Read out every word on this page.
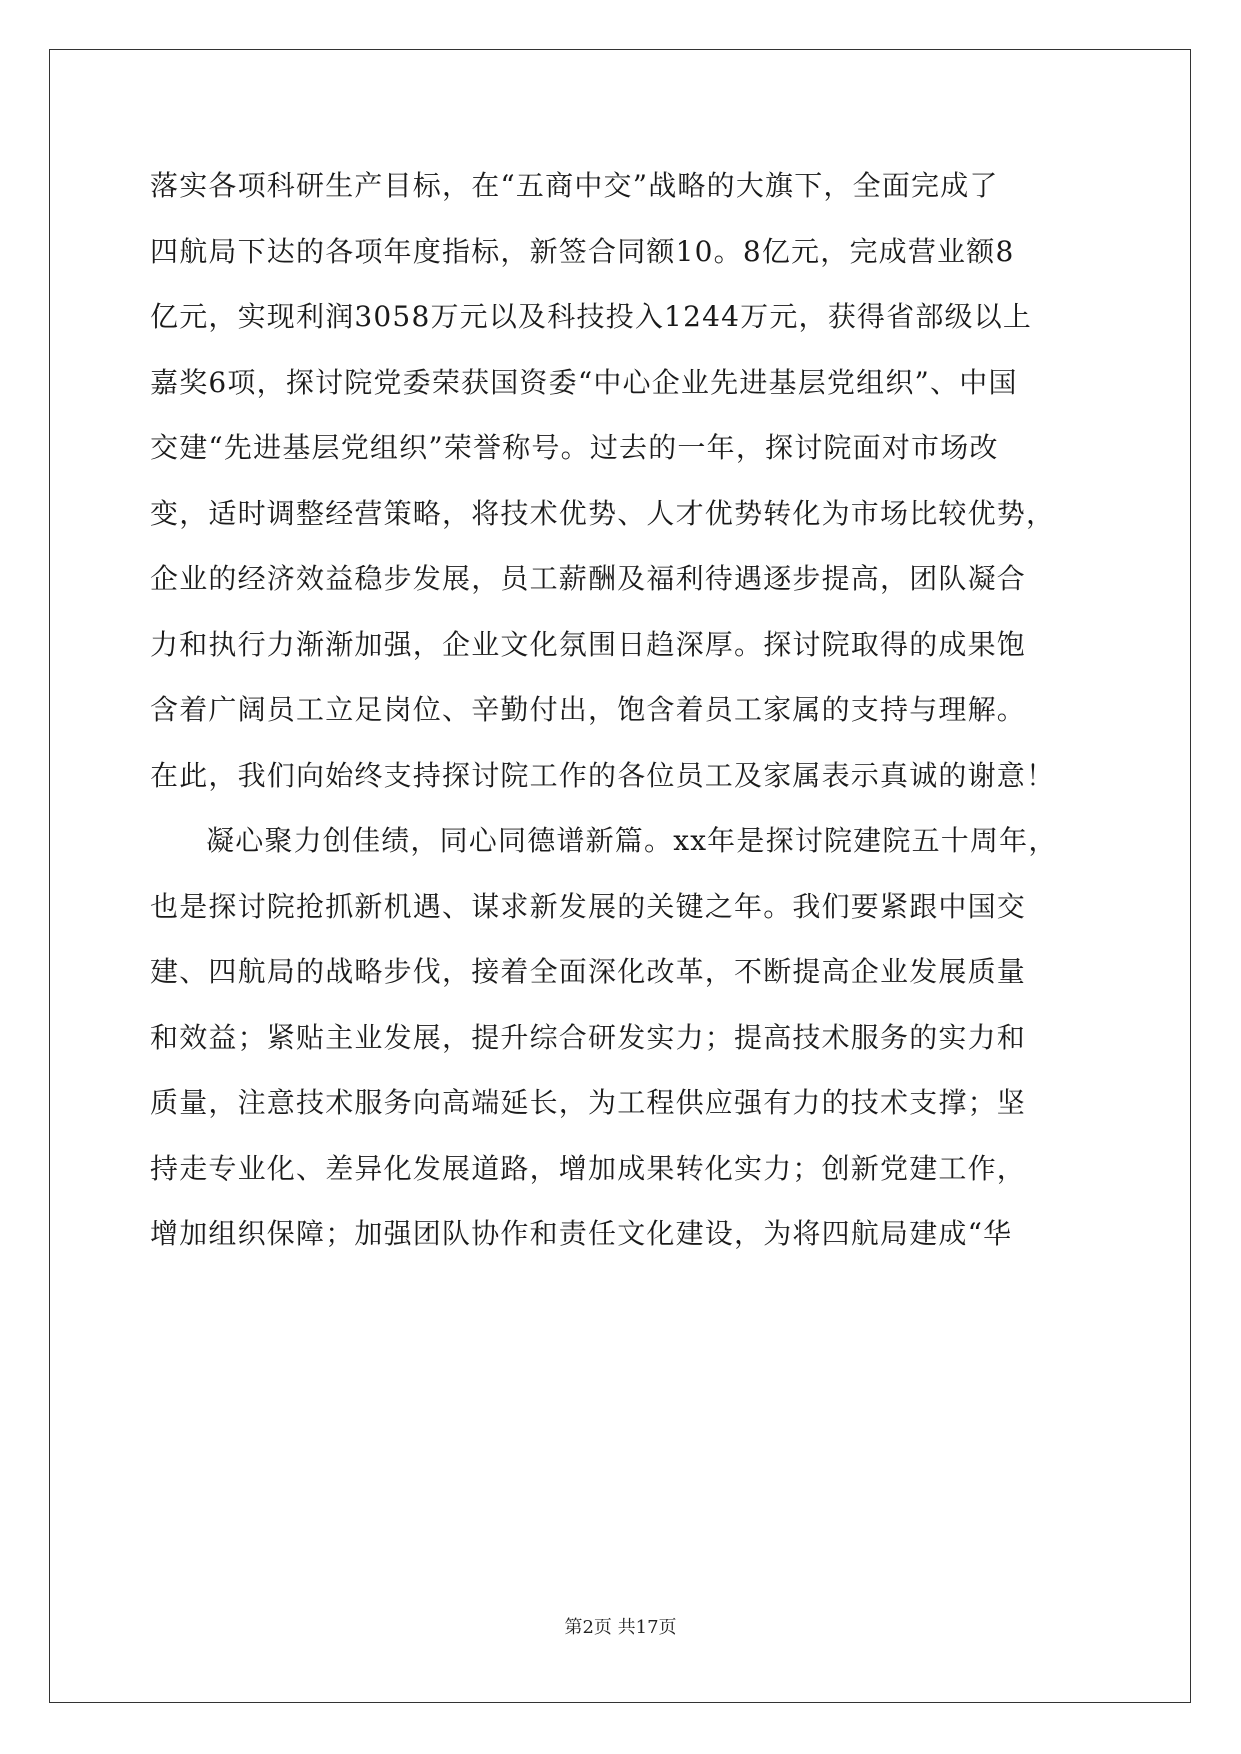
落实各项科研生产目标，在“五商中交”战略的大旗下，全面完成了
四航局下达的各项年度指标，新签合同额10。8亿元，完成营业额8
亿元，实现利润3058万元以及科技投入1244万元，获得省部级以上
嘉奖6项，探讨院党委荣获国资委“中心企业先进基层党组织”、中国
交建“先进基层党组织”荣誉称号。过去的一年，探讨院面对市场改
变，适时调整经营策略，将技术优势、人才优势转化为市场比较优势，
企业的经济效益稳步发展，员工薪酬及福利待遇逐步提高，团队凝合
力和执行力渐渐加强，企业文化氛围日趋深厚。探讨院取得的成果饱
含着广阔员工立足岗位、辛勤付出，饱含着员工家属的支持与理解。
在此，我们向始终支持探讨院工作的各位员工及家属表示真诚的谢意！
凝心聚力创佳绩，同心同德谱新篇。xx年是探讨院建院五十周年，
也是探讨院抢抓新机遇、谋求新发展的关键之年。我们要紧跟中国交
建、四航局的战略步伐，接着全面深化改革，不断提高企业发展质量
和效益；紧贴主业发展，提升综合研发实力；提高技术服务的实力和
质量，注意技术服务向高端延长，为工程供应强有力的技术支撑；坚
持走专业化、差异化发展道路，增加成果转化实力；创新党建工作，
增加组织保障；加强团队协作和责任文化建设，为将四航局建成“华
第2页 共17页
